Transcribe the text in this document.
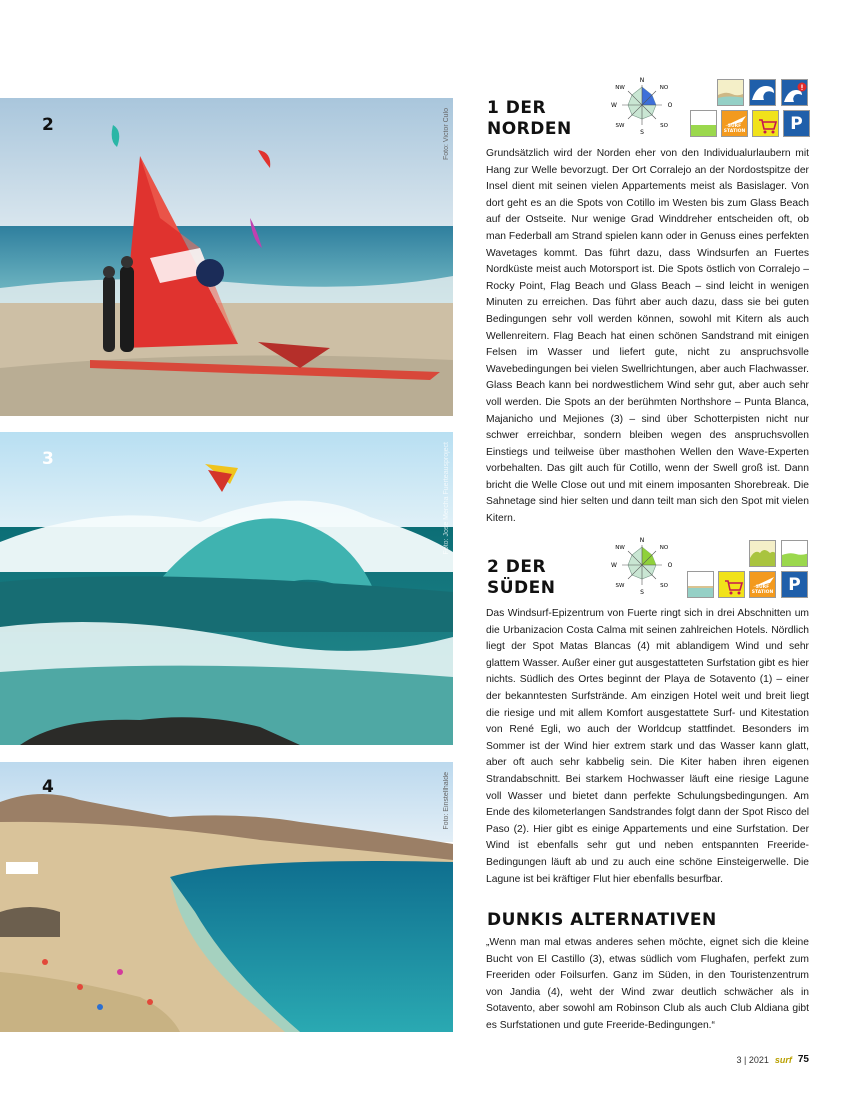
2	Foto: Victor Culo
3	Foto: Jose Mercha Fuerteausproject
4	Foto: Einstellhalde
1 DER
NORDEN
N
NO
O
SO
S
SW
W
NW
SURF STATION	P

Grundsätzlich wird der Norden eher von den Individualurlaubern mit Hang zur Welle bevorzugt. Der Ort Corralejo an der Nordostspitze der Insel dient mit seinen vielen Appartements meist als Basislager. Von dort geht es an die Spots von Cotillo im Westen bis zum Glass Beach auf der Ostseite. Nur wenige Grad Winddreher entscheiden oft, ob man Federball am Strand spielen kann oder in Genuss eines perfekten Wavetages kommt. Das führt dazu, dass Windsurfen an Fuertes Nordküste meist auch Motorsport ist. Die Spots östlich von Corralejo – Rocky Point, Flag Beach und Glass Beach – sind leicht in wenigen Minuten zu erreichen. Das führt aber auch dazu, dass sie bei guten Bedingungen sehr voll werden können, sowohl mit Kitern als auch Wellenreitern. Flag Beach hat einen schönen Sandstrand mit einigen Felsen im Wasser und liefert gute, nicht zu anspruchsvolle Wavebedingungen bei vielen Swellrichtungen, aber auch Flachwasser. Glass Beach kann bei nordwestlichem Wind sehr gut, aber auch sehr voll werden. Die Spots an der berühmten Northshore – Punta Blanca, Majanicho und Mejiones (3) – sind über Schotterpisten nicht nur schwer erreichbar, sondern bleiben wegen des anspruchsvollen Einstiegs und teilweise über masthohen Wellen den Wave-Experten vorbehalten. Das gilt auch für Cotillo, wenn der Swell groß ist. Dann bricht die Welle Close out und mit einem imposanten Shorebreak. Die Sahnetage sind hier selten und dann teilt man sich den Spot mit vielen Kitern.

2 DER
SÜDEN
N
NO
O
SO
S
SW
W
NW
SURF STATION P

Das Windsurf-Epizentrum von Fuerte ringt sich in drei Abschnitten um die Urbanizacion Costa Calma mit seinen zahlreichen Hotels. Nördlich liegt der Spot Matas Blancas (4) mit ablandigem Wind und sehr glattem Wasser. Außer einer gut ausgestatteten Surfstation gibt es hier nichts. Südlich des Ortes beginnt der Playa de Sotavento (1) – einer der bekanntesten Surfstrände. Am einzigen Hotel weit und breit liegt die riesige und mit allem Komfort ausgestattete Surf- und Kitestation von René Egli, wo auch der Worldcup stattfindet. Besonders im Sommer ist der Wind hier extrem stark und das Wasser kann glatt, aber oft auch sehr kabbelig sein. Die Kiter haben ihren eigenen Strandabschnitt. Bei starkem Hochwasser läuft eine riesige Lagune voll Wasser und bietet dann perfekte Schulungsbedingungen. Am Ende des kilometerlangen Sandstrandes folgt dann der Spot Risco del Paso (2). Hier gibt es einige Appartements und eine Surfstation. Der Wind ist ebenfalls sehr gut und neben entspannten Freeride-Bedingungen läuft ab und zu auch eine schöne Einsteigerwelle. Die Lagune ist bei kräftiger Flut hier ebenfalls besurfbar.

DUNKIS ALTERNATIVEN

„Wenn man mal etwas anderes sehen möchte, eignet sich die kleine Bucht von El Castillo (3), etwas südlich vom Flughafen, perfekt zum Freeriden oder Foilsurfen. Ganz im Süden, in den Touristenzentrum von Jandia (4), weht der Wind zwar deutlich schwächer als in Sotavento, aber sowohl am Robinson Club als auch Club Aldiana gibt es Surfstationen und gute Freeride-Bedingungen.“

3 | 2021 surf 75
